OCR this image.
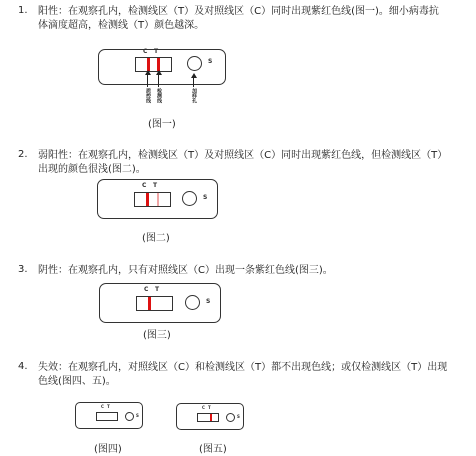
1. 阳性：在观察孔内，检测线区（T）及对照线区（C）同时出现紫红色线(图一)。细小病毒抗体滴度超高，检测线（T）颜色越深。
C T
S
质控线 检测线	加样孔
(图一)
2. 弱阳性：在观察孔内，检测线区（T）及对照线区（C）同时出现紫红色线，但检测线区（T）出现的颜色很浅(图二)。
C T
S
(图二)
3. 阴性：在观察孔内，只有对照线区（C）出现一条紫红色线(图三)。
C T
S
(图三)
4. 失效：在观察孔内，对照线区（C）和检测线区（T）都不出现色线；或仅检测线区（T）出现色线(图四、五)。
C T
S
(图四)
C T
S
(图五)
